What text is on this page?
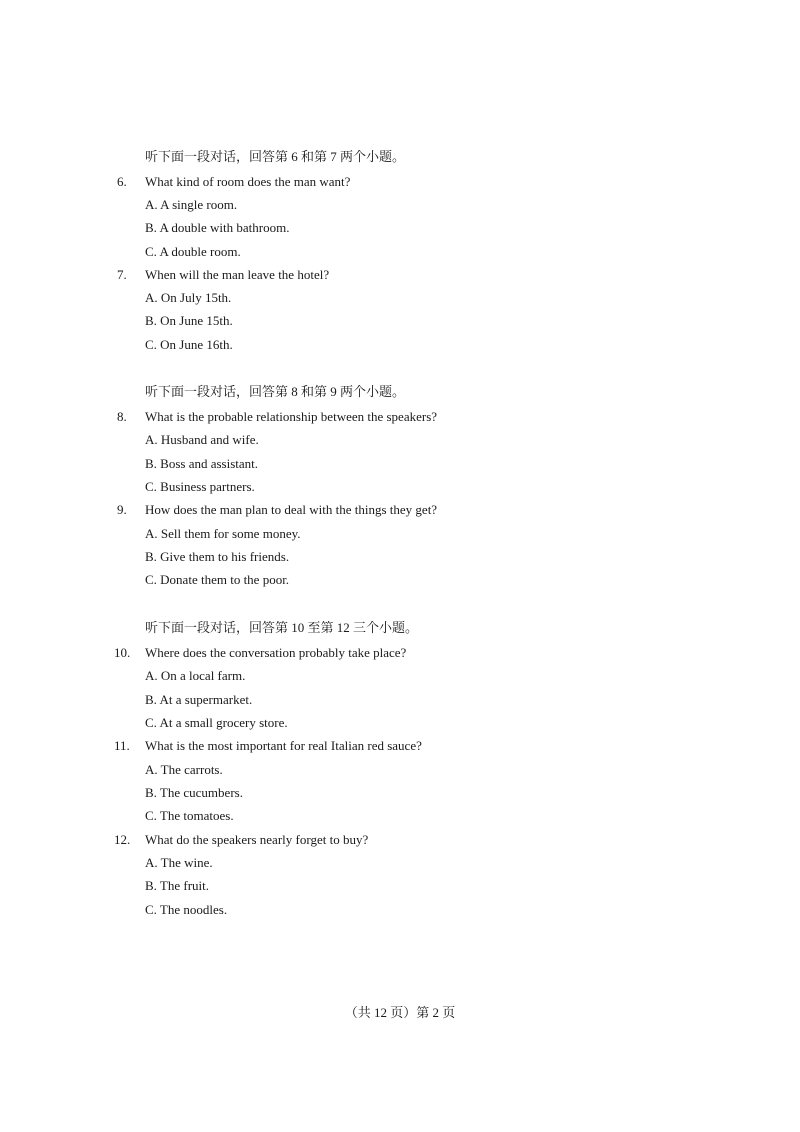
听下面一段对话，回答第 6 和第 7 两个小题。
6. What kind of room does the man want?
A. A single room.
B. A double with bathroom.
C. A double room.
7. When will the man leave the hotel?
A. On July 15th.
B. On June 15th.
C. On June 16th.
听下面一段对话，回答第 8 和第 9 两个小题。
8. What is the probable relationship between the speakers?
A. Husband and wife.
B. Boss and assistant.
C. Business partners.
9. How does the man plan to deal with the things they get?
A. Sell them for some money.
B. Give them to his friends.
C. Donate them to the poor.
听下面一段对话，回答第 10 至第 12 三个小题。
10. Where does the conversation probably take place?
A. On a local farm.
B. At a supermarket.
C. At a small grocery store.
11. What is the most important for real Italian red sauce?
A. The carrots.
B. The cucumbers.
C. The tomatoes.
12. What do the speakers nearly forget to buy?
A. The wine.
B. The fruit.
C. The noodles.
（共 12 页）第 2 页
